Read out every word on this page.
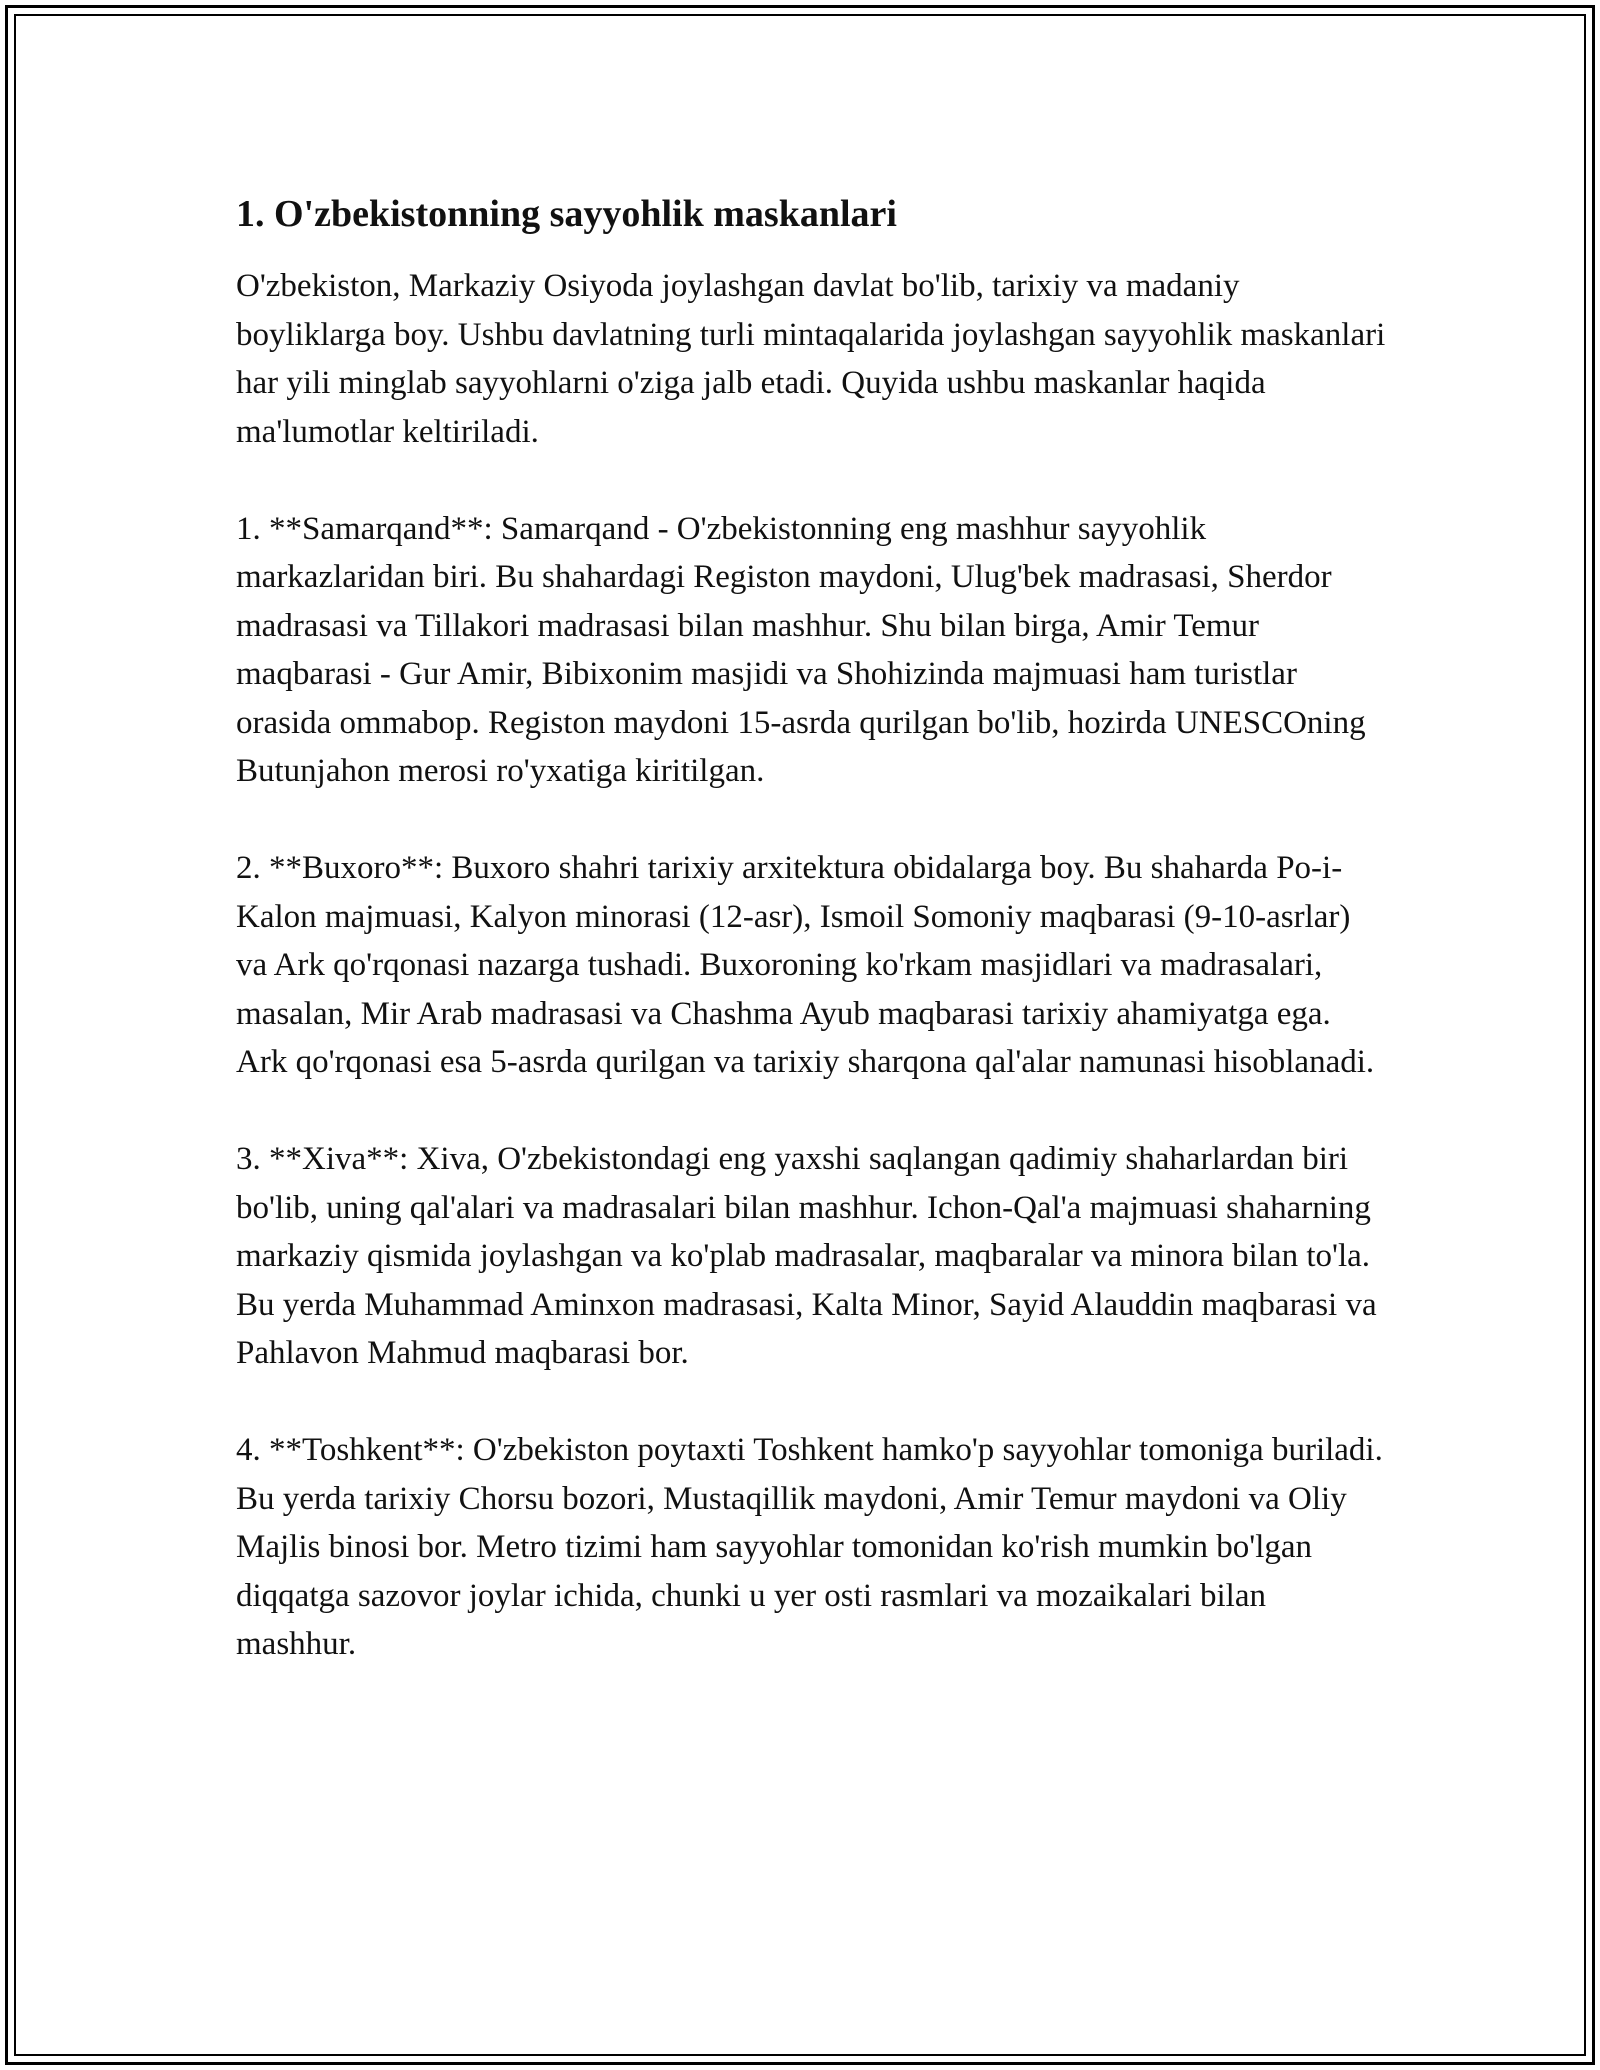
1. O'zbekistonning sayyohlik maskanlari

O'zbekiston, Markaziy Osiyoda joylashgan davlat bo'lib, tarixiy va madaniy boyliklarga boy. Ushbu davlatning turli mintaqalarida joylashgan sayyohlik maskanlari har yili minglab sayyohlarni o'ziga jalb etadi. Quyida ushbu maskanlar haqida ma'lumotlar keltiriladi.

1. **Samarqand**: Samarqand - O'zbekistonning eng mashhur sayyohlik markazlaridan biri. Bu shahardagi Registon maydoni, Ulug'bek madrasasi, Sherdor madrasasi va Tillakori madrasasi bilan mashhur. Shu bilan birga, Amir Temur maqbarasi - Gur Amir, Bibixonim masjidi va Shohizinda majmuasi ham turistlar orasida ommabop. Registon maydoni 15-asrda qurilgan bo'lib, hozirda UNESCOning Butunjahon merosi ro'yxatiga kiritilgan.

2. **Buxoro**: Buxoro shahri tarixiy arxitektura obidalarga boy. Bu shaharda Po-i-Kalon majmuasi, Kalyon minorasi (12-asr), Ismoil Somoniy maqbarasi (9-10-asrlar) va Ark qo'rqonasi nazarga tushadi. Buxoroning ko'rkam masjidlari va madrasalari, masalan, Mir Arab madrasasi va Chashma Ayub maqbarasi tarixiy ahamiyatga ega. Ark qo'rqonasi esa 5-asrda qurilgan va tarixiy sharqona qal'alar namunasi hisoblanadi.

3. **Xiva**: Xiva, O'zbekistondagi eng yaxshi saqlangan qadimiy shaharlardan biri bo'lib, uning qal'alari va madrasalari bilan mashhur. Ichon-Qal'a majmuasi shaharning markaziy qismida joylashgan va ko'plab madrasalar, maqbaralar va minora bilan to'la. Bu yerda Muhammad Aminxon madrasasi, Kalta Minor, Sayid Alauddin maqbarasi va Pahlavon Mahmud maqbarasi bor.

4. **Toshkent**: O'zbekiston poytaxti Toshkent hamko'p sayyohlar tomoniga buriladi. Bu yerda tarixiy Chorsu bozori, Mustaqillik maydoni, Amir Temur maydoni va Oliy Majlis binosi bor. Metro tizimi ham sayyohlar tomonidan ko'rish mumkin bo'lgan diqqatga sazovor joylar ichida, chunki u yer osti rasmlari va mozaikalari bilan mashhur.
